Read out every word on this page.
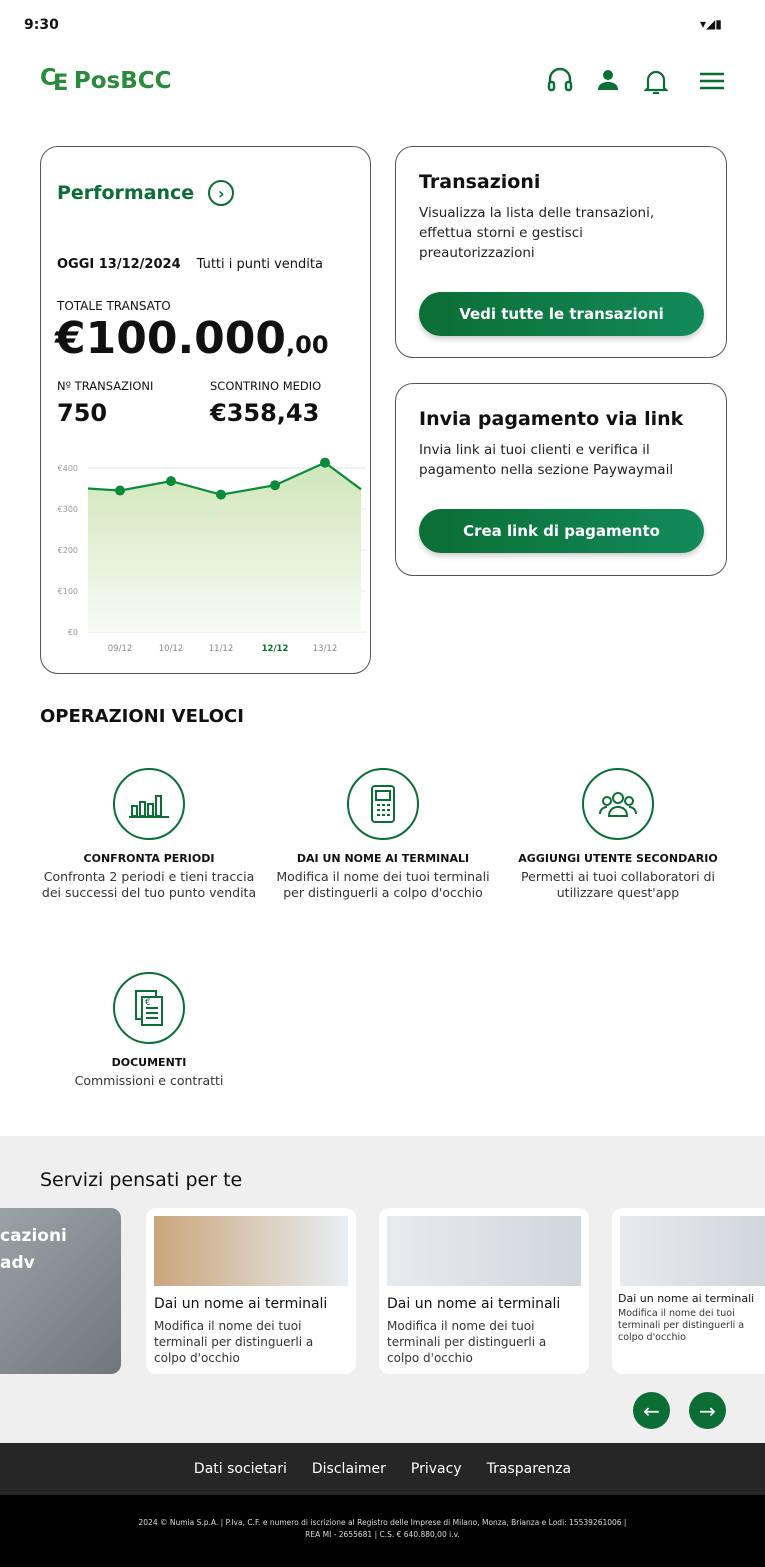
9:30	▾◢▮
₠ PosBCC
Performance	›
OGGI 13/12/2024 Tutti i punti vendita
TOTALE TRANSATO
€100.000,00
Nº TRANSAZIONI
750
SCONTRINO MEDIO
€358,43
€0
€100
€200
€300
€400
09/12	10/12	11/12	12/12	13/12
Transazioni
Visualizza la lista delle transazioni, effettua storni e gestisci preautorizzazioni
Vedi tutte le transazioni
Invia pagamento via link
Invia link ai tuoi clienti e verifica il pagamento nella sezione Paywaymail
Crea link di pagamento
OPERAZIONI VELOCI
CONFRONTA PERIODI
Confronta 2 periodi e tieni traccia dei successi del tuo punto vendita
DAI UN NOME AI TERMINALI
Modifica il nome dei tuoi terminali per distinguerli a colpo d'occhio
AGGIUNGI UTENTE SECONDARIO
Permetti ai tuoi collaboratori di utilizzare quest'app
€
DOCUMENTI
Commissioni e contratti
Servizi pensati per te
cazioni
adv
Dai un nome ai terminali
Modifica il nome dei tuoi terminali per distinguerli a colpo d'occhio
Dai un nome ai terminali
Modifica il nome dei tuoi terminali per distinguerli a colpo d'occhio
Dai un nome ai terminali
Modifica il nome dei tuoi terminali per distinguerli a colpo d'occhio
←	→
Dati societari Disclaimer Privacy Trasparenza
2024 © Numia S.p.A. | P.Iva, C.F. e numero di iscrizione al Registro delle Imprese di Milano, Monza, Brianza e Lodi: 15539261006 |
REA MI - 2655681 | C.S. € 640.880,00 i.v.
